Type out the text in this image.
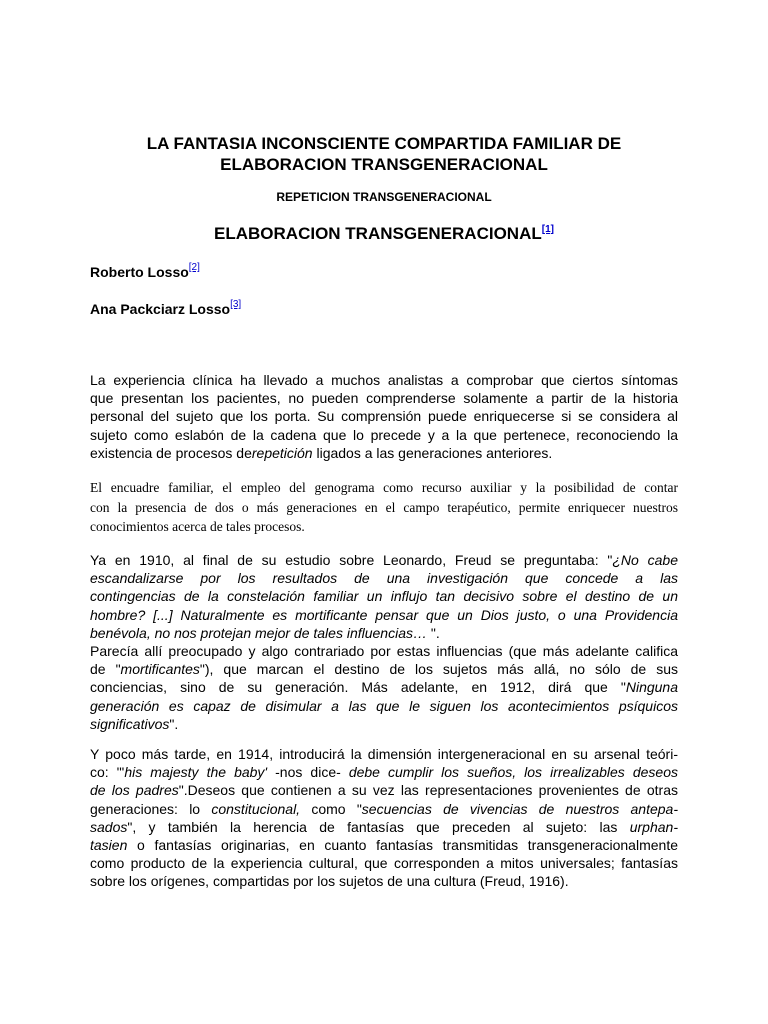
LA FANTASIA INCONSCIENTE COMPARTIDA FAMILIAR DE
ELABORACION TRANSGENERACIONAL
REPETICION TRANSGENERACIONAL
ELABORACION TRANSGENERACIONAL[1]
Roberto Losso[2]
Ana Packciarz Losso[3]
La experiencia clínica ha llevado a muchos analistas a comprobar que ciertos síntomas
que presentan los pacientes, no pueden comprenderse solamente a partir de la historia
personal del sujeto que los porta. Su comprensión puede enriquecerse si se considera al
sujeto como eslabón de la cadena que lo precede y a la que pertenece, reconociendo la
existencia de procesos derepetición ligados a las generaciones anteriores.
El encuadre familiar, el empleo del genograma como recurso auxiliar y la posibilidad de contar
con la presencia de dos o más generaciones en el campo terapéutico, permite enriquecer nuestros
conocimientos acerca de tales procesos.
Ya en 1910, al final de su estudio sobre Leonardo, Freud se preguntaba: "¿No cabe
escandalizarse por los resultados de una investigación que concede a las
contingencias de la constelación familiar un influjo tan decisivo sobre el destino de un
hombre? [...] Naturalmente es mortificante pensar que un Dios justo, o una Providencia
benévola, no nos protejan mejor de tales influencias… ".
Parecía allí preocupado y algo contrariado por estas influencias (que más adelante califica
de "mortificantes"), que marcan el destino de los sujetos más allá, no sólo de sus
conciencias, sino de su generación. Más adelante, en 1912, dirá que "Ninguna
generación es capaz de disimular a las que le siguen los acontecimientos psíquicos
significativos".
Y poco más tarde, en 1914, introducirá la dimensión intergeneracional en su arsenal teóri-
co: "'his majesty the baby' -nos dice- debe cumplir los sueños, los irrealizables deseos
de los padres".Deseos que contienen a su vez las representaciones provenientes de otras
generaciones: lo constitucional, como "secuencias de vivencias de nuestros antepa-
sados", y también la herencia de fantasías que preceden al sujeto: las urphan-
tasien o fantasías originarias, en cuanto fantasías transmitidas transgeneracionalmente
como producto de la experiencia cultural, que corresponden a mitos universales; fantasías
sobre los orígenes, compartidas por los sujetos de una cultura (Freud, 1916).
